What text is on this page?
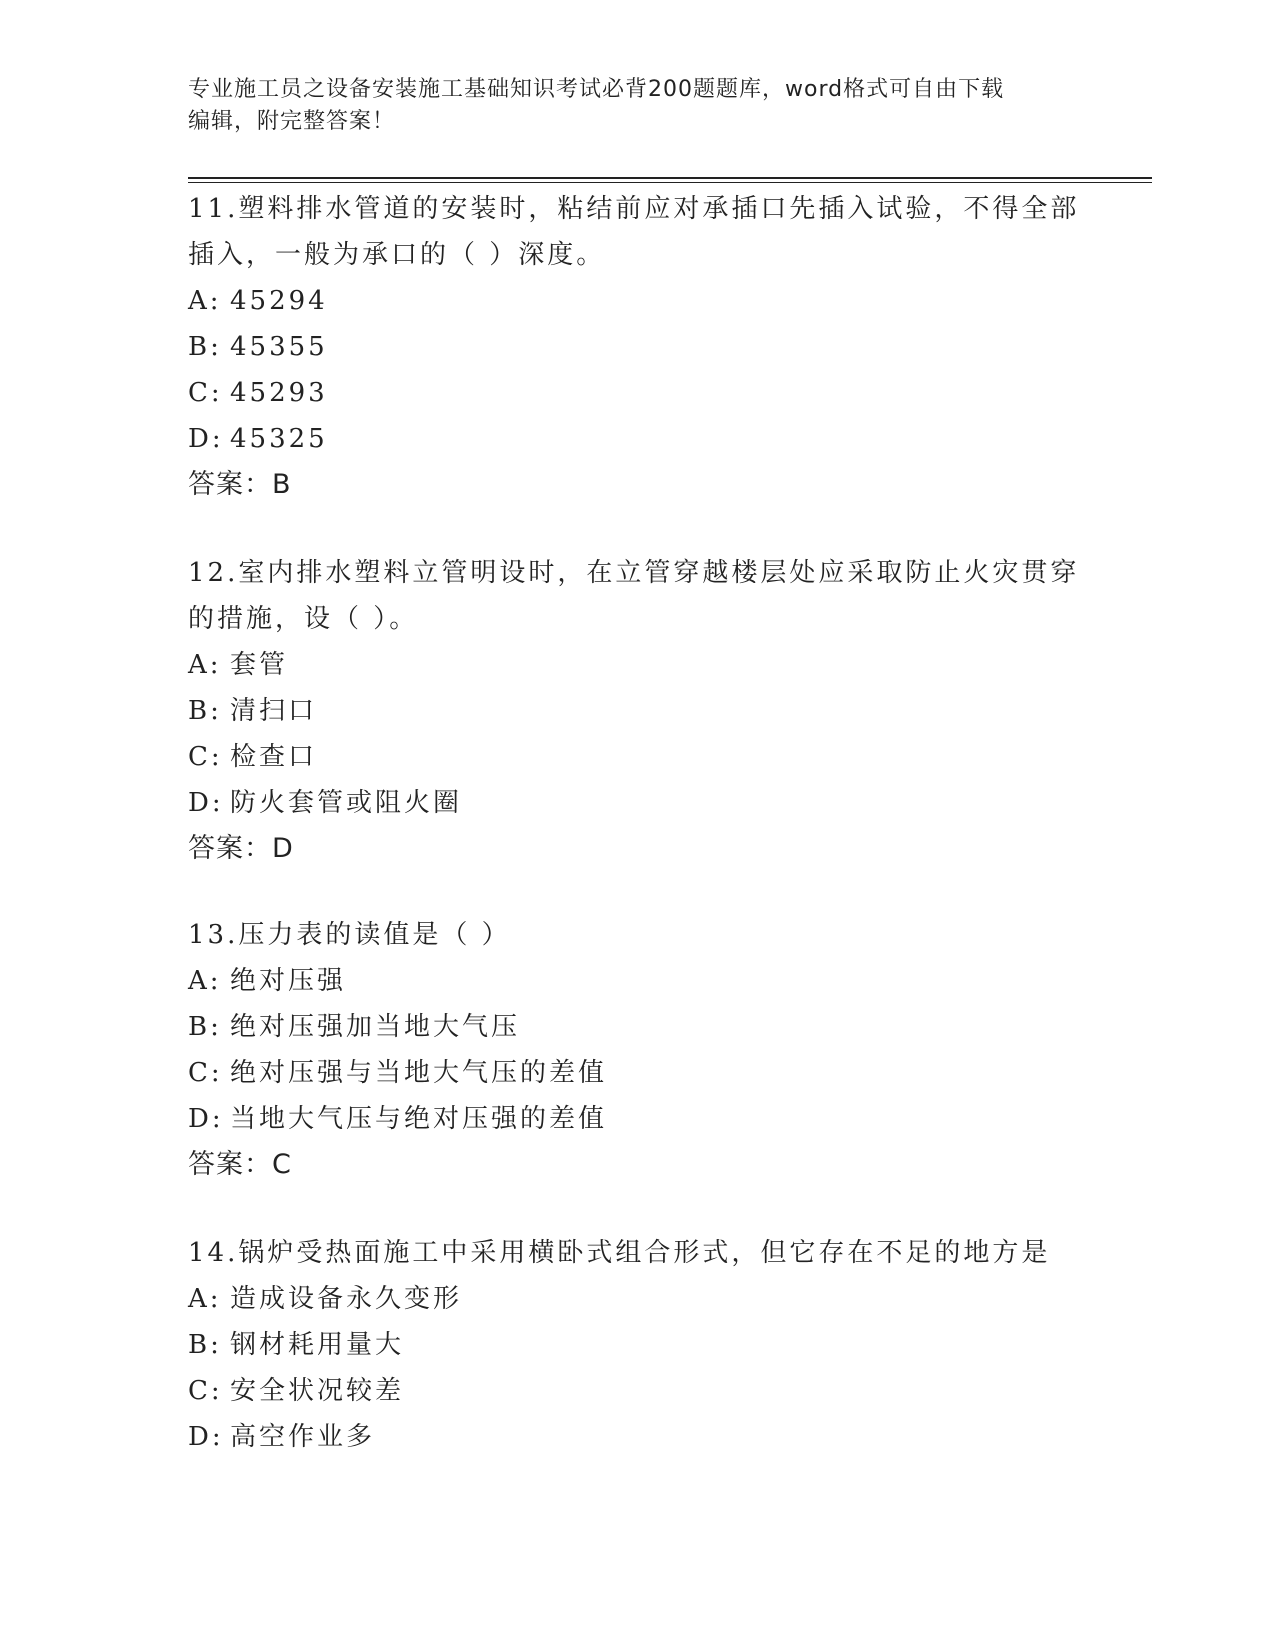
专业施工员之设备安装施工基础知识考试必背200题题库，word格式可自由下载
编辑，附完整答案！

11.塑料排水管道的安装时，粘结前应对承插口先插入试验，不得全部

插入，一般为承口的（ ）深度。

A: 45294

B: 45355

C: 45293

D: 45325

答案：B

12.室内排水塑料立管明设时，在立管穿越楼层处应采取防止火灾贯穿

的措施，设（ ）。

A: 套管

B: 清扫口

C: 检查口

D: 防火套管或阻火圈

答案：D

13.压力表的读值是（ ）

A: 绝对压强

B: 绝对压强加当地大气压

C: 绝对压强与当地大气压的差值

D: 当地大气压与绝对压强的差值

答案：C

14.锅炉受热面施工中采用横卧式组合形式，但它存在不足的地方是

A: 造成设备永久变形

B: 钢材耗用量大

C: 安全状况较差

D: 高空作业多
